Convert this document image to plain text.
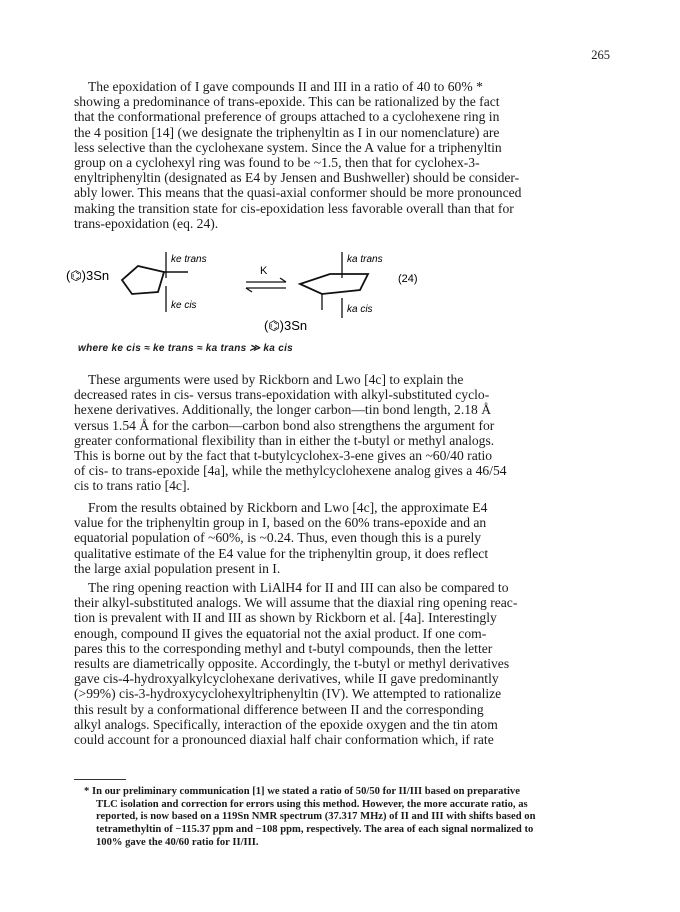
265

The epoxidation of I gave compounds II and III in a ratio of 40 to 60% *
showing a predominance of trans-epoxide. This can be rationalized by the fact
that the conformational preference of groups attached to a cyclohexene ring in
the 4 position [14] (we designate the triphenyltin as I in our nomenclature) are
less selective than the cyclohexane system. Since the A value for a triphenyltin
group on a cyclohexyl ring was found to be ~1.5, then that for cyclohex-3-
enyltriphenyltin (designated as E4 by Jensen and Bushweller) should be consider-
ably lower. This means that the quasi-axial conformer should be more pronounced
making the transition state for cis-epoxidation less favorable overall than that for
trans-epoxidation (eq. 24).

(⌬)3Sn
ke trans
ke cis
K
(⌬)3Sn
ka trans
ka cis
(24)
where ke cis ≈ ke trans ≈ ka trans ≫ ka cis

These arguments were used by Rickborn and Lwo [4c] to explain the
decreased rates in cis- versus trans-epoxidation with alkyl-substituted cyclo-
hexene derivatives. Additionally, the longer carbon—tin bond length, 2.18 Å
versus 1.54 Å for the carbon—carbon bond also strengthens the argument for
greater conformational flexibility than in either the t-butyl or methyl analogs.
This is borne out by the fact that t-butylcyclohex-3-ene gives an ~60/40 ratio
of cis- to trans-epoxide [4a], while the methylcyclohexene analog gives a 46/54
cis to trans ratio [4c].

From the results obtained by Rickborn and Lwo [4c], the approximate E4
value for the triphenyltin group in I, based on the 60% trans-epoxide and an
equatorial population of ~60%, is ~0.24. Thus, even though this is a purely
qualitative estimate of the E4 value for the triphenyltin group, it does reflect
the large axial population present in I.

The ring opening reaction with LiAlH4 for II and III can also be compared to
their alkyl-substituted analogs. We will assume that the diaxial ring opening reac-
tion is prevalent with II and III as shown by Rickborn et al. [4a]. Interestingly
enough, compound II gives the equatorial not the axial product. If one com-
pares this to the corresponding methyl and t-butyl compounds, then the letter
results are diametrically opposite. Accordingly, the t-butyl or methyl derivatives
gave cis-4-hydroxyalkylcyclohexane derivatives, while II gave predominantly
(>99%) cis-3-hydroxycyclohexyltriphenyltin (IV). We attempted to rationalize
this result by a conformational difference between II and the corresponding
alkyl analogs. Specifically, interaction of the epoxide oxygen and the tin atom
could account for a pronounced diaxial half chair conformation which, if rate

* In our preliminary communication [1] we stated a ratio of 50/50 for II/III based on preparative
TLC isolation and correction for errors using this method. However, the more accurate ratio, as
reported, is now based on a 119Sn NMR spectrum (37.317 MHz) of II and III with shifts based on
tetramethyltin of −115.37 ppm and −108 ppm, respectively. The area of each signal normalized to
100% gave the 40/60 ratio for II/III.
